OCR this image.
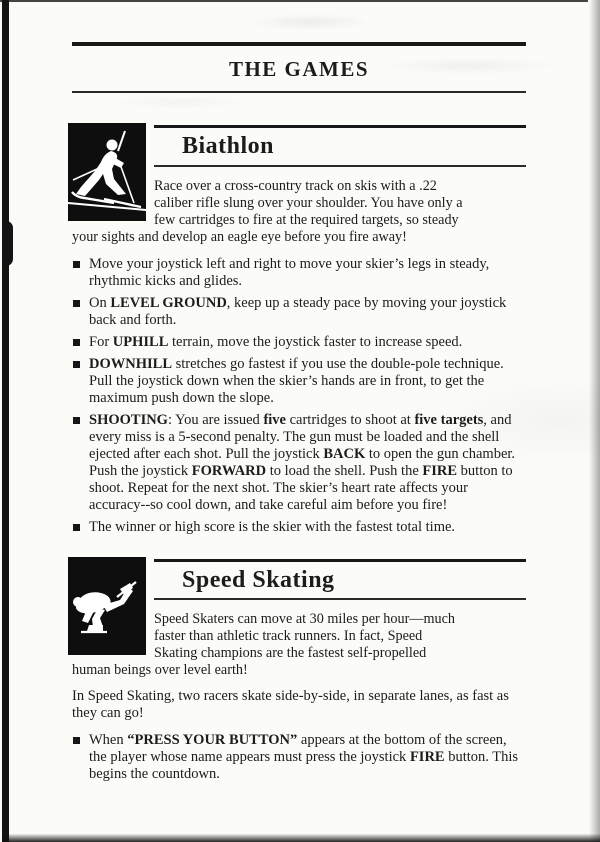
THE GAMES
Biathlon

Race over a cross-country track on skis with a .22
caliber rifle slung over your shoulder. You have only a
few cartridges to fire at the required targets, so steady
your sights and develop an eagle eye before you fire away!

Move your joystick left and right to move your skier’s legs in steady, rhythmic kicks and glides.
On LEVEL GROUND, keep up a steady pace by moving your joystick back and forth.
For UPHILL terrain, move the joystick faster to increase speed.
DOWNHILL stretches go fastest if you use the double-pole technique. Pull the joystick down when the skier’s hands are in front, to get the maximum push down the slope.
SHOOTING: You are issued five cartridges to shoot at five targets, and every miss is a 5-second penalty. The gun must be loaded and the shell ejected after each shot. Pull the joystick BACK to open the gun chamber. Push the joystick FORWARD to load the shell. Push the FIRE button to shoot. Repeat for the next shot. The skier’s heart rate affects your accuracy--so cool down, and take careful aim before you fire!
The winner or high score is the skier with the fastest total time.
Speed Skating

Speed Skaters can move at 30 miles per hour—much
faster than athletic track runners. In fact, Speed
Skating champions are the fastest self-propelled
human beings over level earth!

In Speed Skating, two racers skate side-by-side, in separate lanes, as fast as they can go!

When “PRESS YOUR BUTTON” appears at the bottom of the screen, the player whose name appears must press the joystick FIRE button. This begins the countdown.
